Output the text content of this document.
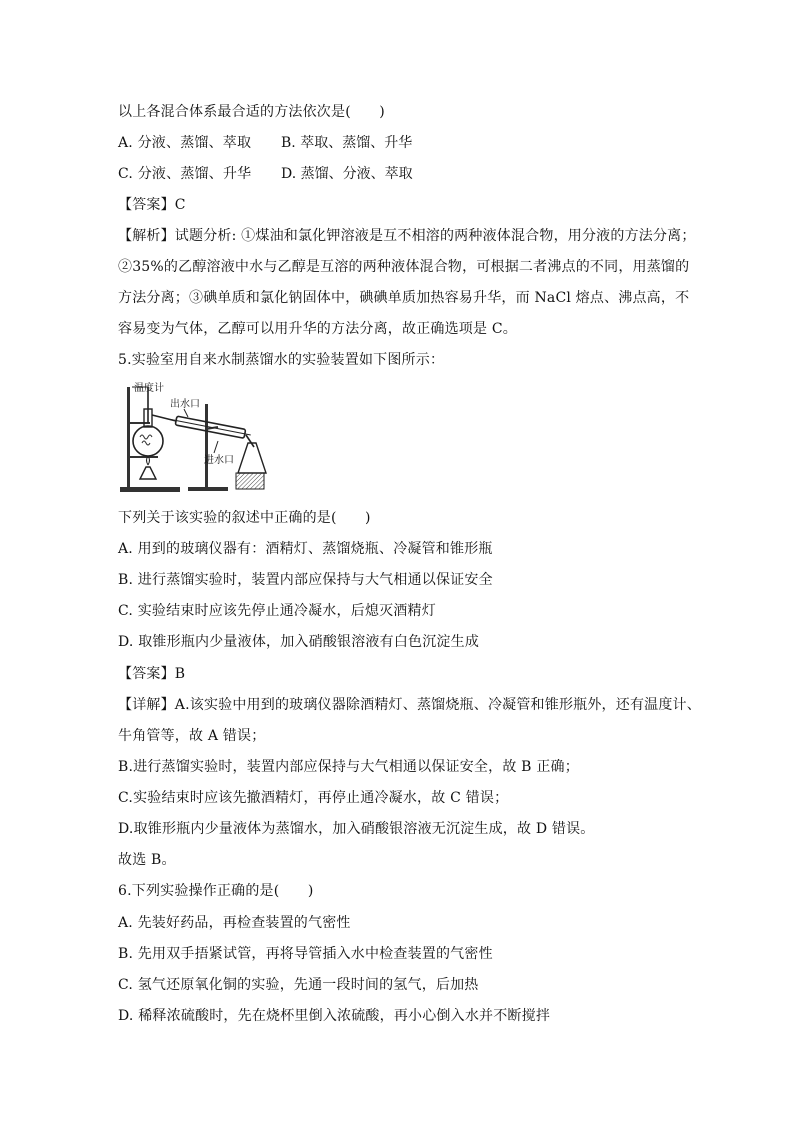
以上各混合体系最合适的方法依次是(　　)
A. 分液、蒸馏、萃取 B. 萃取、蒸馏、升华
C. 分液、蒸馏、升华 D. 蒸馏、分液、萃取
【答案】C
【解析】试题分析: ①煤油和氯化钾溶液是互不相溶的两种液体混合物，用分液的方法分离；
②35%的乙醇溶液中水与乙醇是互溶的两种液体混合物，可根据二者沸点的不同，用蒸馏的
方法分离；③碘单质和氯化钠固体中，碘碘单质加热容易升华，而 NaCl 熔点、沸点高，不
容易变为气体，乙醇可以用升华的方法分离，故正确选项是 C。
5.实验室用自来水制蒸馏水的实验装置如下图所示：
温度计
出水口
进水口
下列关于该实验的叙述中正确的是(　　)
A. 用到的玻璃仪器有：酒精灯、蒸馏烧瓶、冷凝管和锥形瓶
B. 进行蒸馏实验时，装置内部应保持与大气相通以保证安全
C. 实验结束时应该先停止通冷凝水，后熄灭酒精灯
D. 取锥形瓶内少量液体，加入硝酸银溶液有白色沉淀生成
【答案】B
【详解】A.该实验中用到的玻璃仪器除酒精灯、蒸馏烧瓶、冷凝管和锥形瓶外，还有温度计、
牛角管等，故 A 错误；
B.进行蒸馏实验时，装置内部应保持与大气相通以保证安全，故 B 正确；
C.实验结束时应该先撤酒精灯，再停止通冷凝水，故 C 错误；
D.取锥形瓶内少量液体为蒸馏水，加入硝酸银溶液无沉淀生成，故 D 错误。
故选 B。
6.下列实验操作正确的是(　　)
A. 先装好药品，再检查装置的气密性
B. 先用双手捂紧试管，再将导管插入水中检查装置的气密性
C. 氢气还原氧化铜的实验，先通一段时间的氢气，后加热
D. 稀释浓硫酸时，先在烧杯里倒入浓硫酸，再小心倒入水并不断搅拌
